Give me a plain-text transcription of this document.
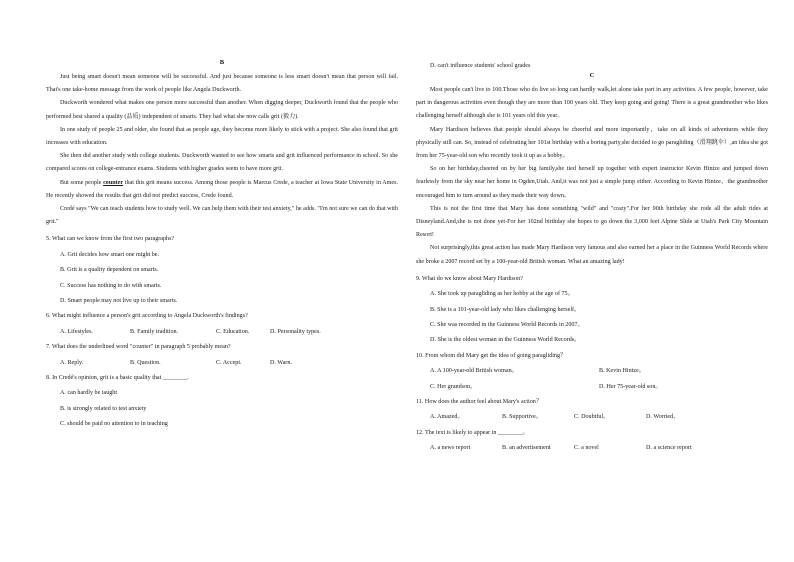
B

Just being smart doesn't mean someone will be successful. And just because someone is less smart doesn't mean that person will fail. That's one take-home message from the work of people like Angela Duckworth.

Duckworth wondered what makes one person more successful than another. When digging deeper, Duckworth found that the people who performed best shared a quality (品质) independent of smarts. They had what she now calls grit (毅力).

In one study of people 25 and older, she found that as people age, they become more likely to stick with a project. She also found that grit increases with education.

She then did another study with college students. Duckworth wanted to see how smarts and grit influenced performance in school. So she compared scores on college-entrance exams. Students with higher grades seem to have more grit.

But some people counter that this grit means success. Among those people is Marcus Crede, a teacher at Iowa State University in Ames. He recently showed the results that grit did not predict success, Crede found.

Credé says "We can teach students how to study well. We can help them with their test anxiety," he adds. "I'm not sure we can do that with grit."

5. What can we know from the first two paragraphs?
A. Grit decides how smart one might be.
B. Grit is a quality dependent on smarts.
C. Success has nothing to do with smarts.
D. Smart people may not live up to their smarts.
6. What might influence a person's grit according to Angela Duckworth's findings?
A. Lifestyles.	B. Family tradition.	C. Education.	D. Personality types.
7. What does the underlined word "counter" in paragraph 5 probably mean?
A. Reply.	B. Question.	C. Accept.	D. Warn.
8. In Credé's opinion, grit is a basic quality that ________.
A. can hardly be taught
B. is strongly related to test anxiety
C. should be paid no attention to in teaching
D. can't influence students' school grades
C

Most people can't live to 100.Those who do live so long can hardly walk,let alone take part in any activities. A few people, however, take part in dangerous activities even though they are more than 100 years old. They keep going and going! There is a great grandmother who likes challenging herself although she is 101 years old this year。

Mary Hardison believes that people should always be cheerful and more importantly，take on all kinds of adventures while they physically still can. So, instead of celebrating her 101st birthday with a boring party,she decided to go paragliding（滑翔跳伞）,an idea she got from her 75-year-old son who recently took it up as a hobby。

So on her birthday,cheered on by her big family,she tied herself up together with expert instructor Kevin Hintze and jumped down fearlessly from the sky near her home in Ogden,Utah. And,it was not just a simple jump either. According to Kevin Hintze，the grandmother encouraged him to turn around as they made their way down。

This is not the first time that Mary has done something "wild" and "crazy".For her 90th birthday she rode all the adult rides at Disneyland.And,she is not done yet-For her 102nd birthday she hopes to go down the 3,000 feet Alpine Slide at Utah's Park City Mountain Resort!

Not surprisingly,this great action has made Mary Hardison very famous and also earned her a place in the Guinness World Records where she broke a 2007 record set by a 100-year-old British woman. What an amazing lady!

9. What do we know about Mary Hardison?
A. She took up paragliding as her hobby at the age of 75。
B. She is a 101-year-old lady who likes challenging herself。
C. She was recorded in the Guinness World Records in 2007。
D. She is the oldest woman in the Guinness World Records。
10. From whom did Mary get the idea of going paragliding？
A. A 100-year-old British woman。	B. Kevin Hintze。
C. Her grandson。	D. Her 75-year-old son。
11. How does the author feel about Mary's action？
A. Amazed。	B. Supportive。	C. Doubtful。	D. Worried。
12. The text is likely to appear in ________。
A. a news report	B. an advertisement	C. a novel	D. a science report
